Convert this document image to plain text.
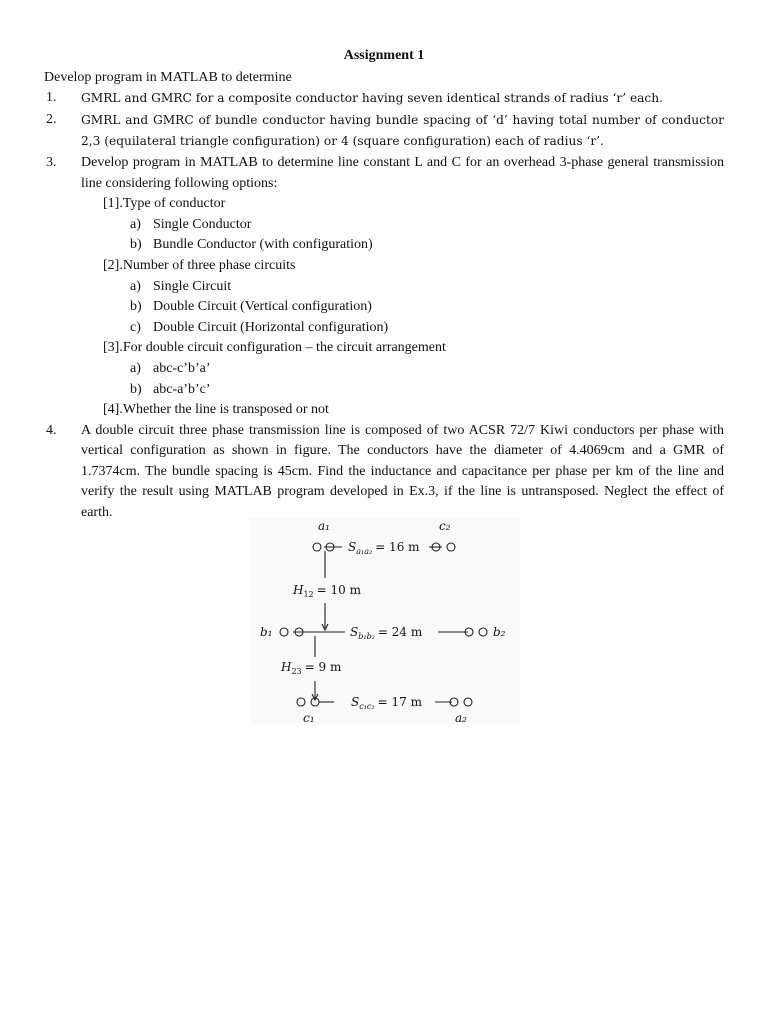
Assignment 1

Develop program in MATLAB to determine

1. GMRL and GMRC for a composite conductor having seven identical strands of radius ‘r’ each.
2. GMRL and GMRC of bundle conductor having bundle spacing of ‘d’ having total number of conductor 2,3 (equilateral triangle configuration) or 4 (square configuration) each of radius ‘r’.
3. Develop program in MATLAB to determine line constant L and C for an overhead 3-phase general transmission line considering following options:
[1].Type of conductor
a) Single Conductor
b) Bundle Conductor (with configuration)
[2].Number of three phase circuits
a) Single Circuit
b) Double Circuit (Vertical configuration)
c) Double Circuit (Horizontal configuration)
[3].For double circuit configuration – the circuit arrangement
a) abc-c’b’a’
b) abc-a’b’c’
[4].Whether the line is transposed or not
4. A double circuit three phase transmission line is composed of two ACSR 72/7 Kiwi conductors per phase with vertical configuration as shown in figure. The conductors have the diameter of 4.4069cm and a GMR of 1.7374cm. The bundle spacing is 45cm. Find the inductance and capacitance per phase per km of the line and verify the result using MATLAB program developed in Ex.3, if the line is untransposed. Neglect the effect of earth.
a₁	c₂
b₁	b₂
c₁	a₂
$S_{a_1a_2} = 16$ m
$H_{12} = 10$ m
$S_{b_1b_2} = 24$ m
$H_{23} = 9$ m
$S_{c_1c_2} = 17$ m
